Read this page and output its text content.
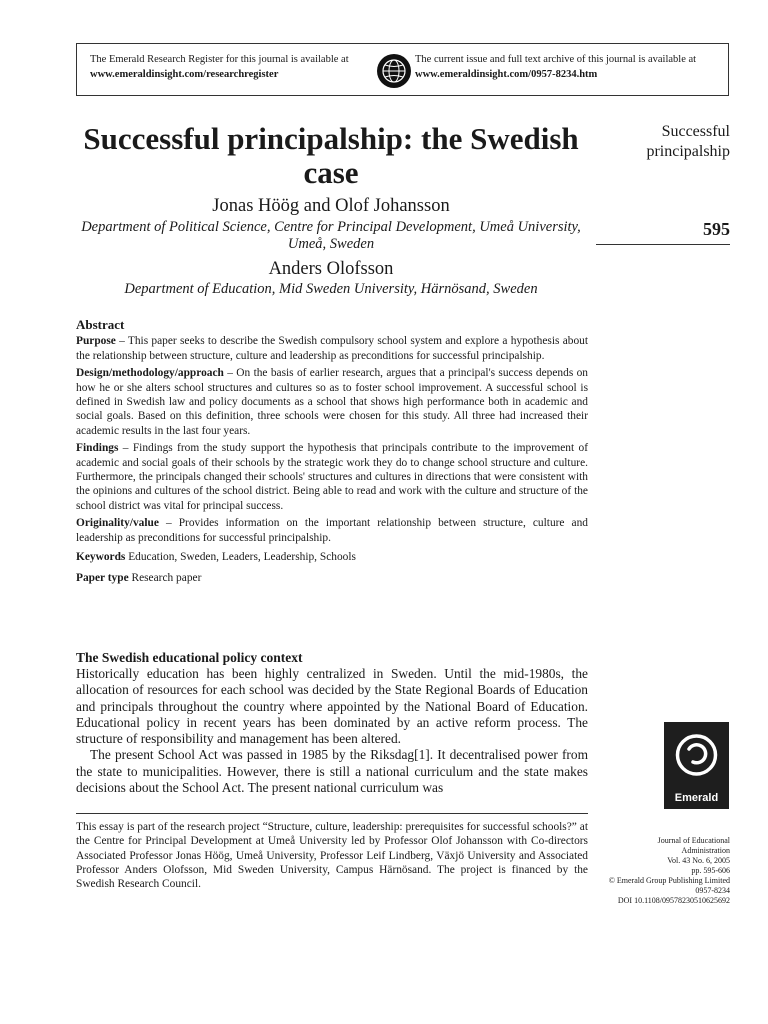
The Emerald Research Register for this journal is available at
www.emeraldinsight.com/researchregister
The current issue and full text archive of this journal is available at
www.emeraldinsight.com/0957-8234.htm
Successful principalship: the Swedish case
Jonas Höög and Olof Johansson
Department of Political Science, Centre for Principal Development, Umeå University, Umeå, Sweden
Anders Olofsson
Department of Education, Mid Sweden University, Härnösand, Sweden
Successful principalship
595
Abstract

Purpose – This paper seeks to describe the Swedish compulsory school system and explore a hypothesis about the relationship between structure, culture and leadership as preconditions for successful principalship.

Design/methodology/approach – On the basis of earlier research, argues that a principal's success depends on how he or she alters school structures and cultures so as to foster school improvement. A successful school is defined in Swedish law and policy documents as a school that shows high performance both in academic and social goals. Based on this definition, three schools were chosen for this study. All three had increased their academic results in the last four years.

Findings – Findings from the study support the hypothesis that principals contribute to the improvement of academic and social goals of their schools by the strategic work they do to change school structure and culture. Furthermore, the principals changed their schools' structures and cultures in directions that were consistent with the opinions and cultures of the school district. Being able to read and work with the culture and structure of the school district was vital for principal success.

Originality/value – Provides information on the important relationship between structure, culture and leadership as preconditions for successful principalship.

Keywords Education, Sweden, Leaders, Leadership, Schools

Paper type Research paper

The Swedish educational policy context

Historically education has been highly centralized in Sweden. Until the mid-1980s, the allocation of resources for each school was decided by the State Regional Boards of Education and principals throughout the country where appointed by the National Board of Education. Educational policy in recent years has been dominated by an active reform process. The structure of responsibility and management has been altered.

The present School Act was passed in 1985 by the Riksdag[1]. It decentralised power from the state to municipalities. However, there is still a national curriculum and the state makes decisions about the School Act. The present national curriculum was

This essay is part of the research project “Structure, culture, leadership: prerequisites for successful schools?” at the Centre for Principal Development at Umeå University led by Professor Olof Johansson with Co-directors Associated Professor Jonas Höög, Umeå University, Professor Leif Lindberg, Växjö University and Associated Professor Anders Olofsson, Mid Sweden University, Campus Härnösand. The project is financed by the Swedish Research Council.
Emerald
Journal of Educational
Administration
Vol. 43 No. 6, 2005
pp. 595-606
© Emerald Group Publishing Limited
0957-8234
DOI 10.1108/09578230510625692
